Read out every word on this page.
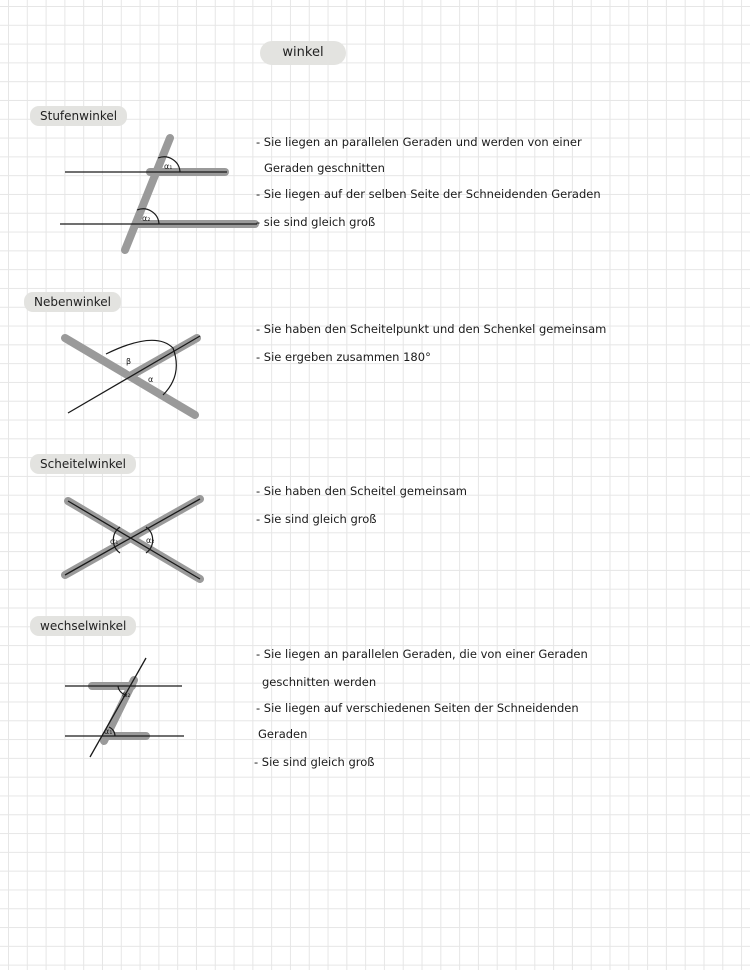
winkel
Stufenwinkel
α₁
α₂
- Sie liegen an parallelen Geraden und werden von einer
Geraden geschnitten
- Sie liegen auf der selben Seite der Schneidenden Geraden
- sie sind gleich groß
Nebenwinkel
β
α
- Sie haben den Scheitelpunkt und den Schenkel gemeinsam
- Sie ergeben zusammen 180°
Scheitelwinkel
α₁	α₂
- Sie haben den Scheitel gemeinsam
- Sie sind gleich groß
wechselwinkel
α₂
α₁
- Sie liegen an parallelen Geraden, die von einer Geraden
geschnitten werden
- Sie liegen auf verschiedenen Seiten der Schneidenden
Geraden
- Sie sind gleich groß
